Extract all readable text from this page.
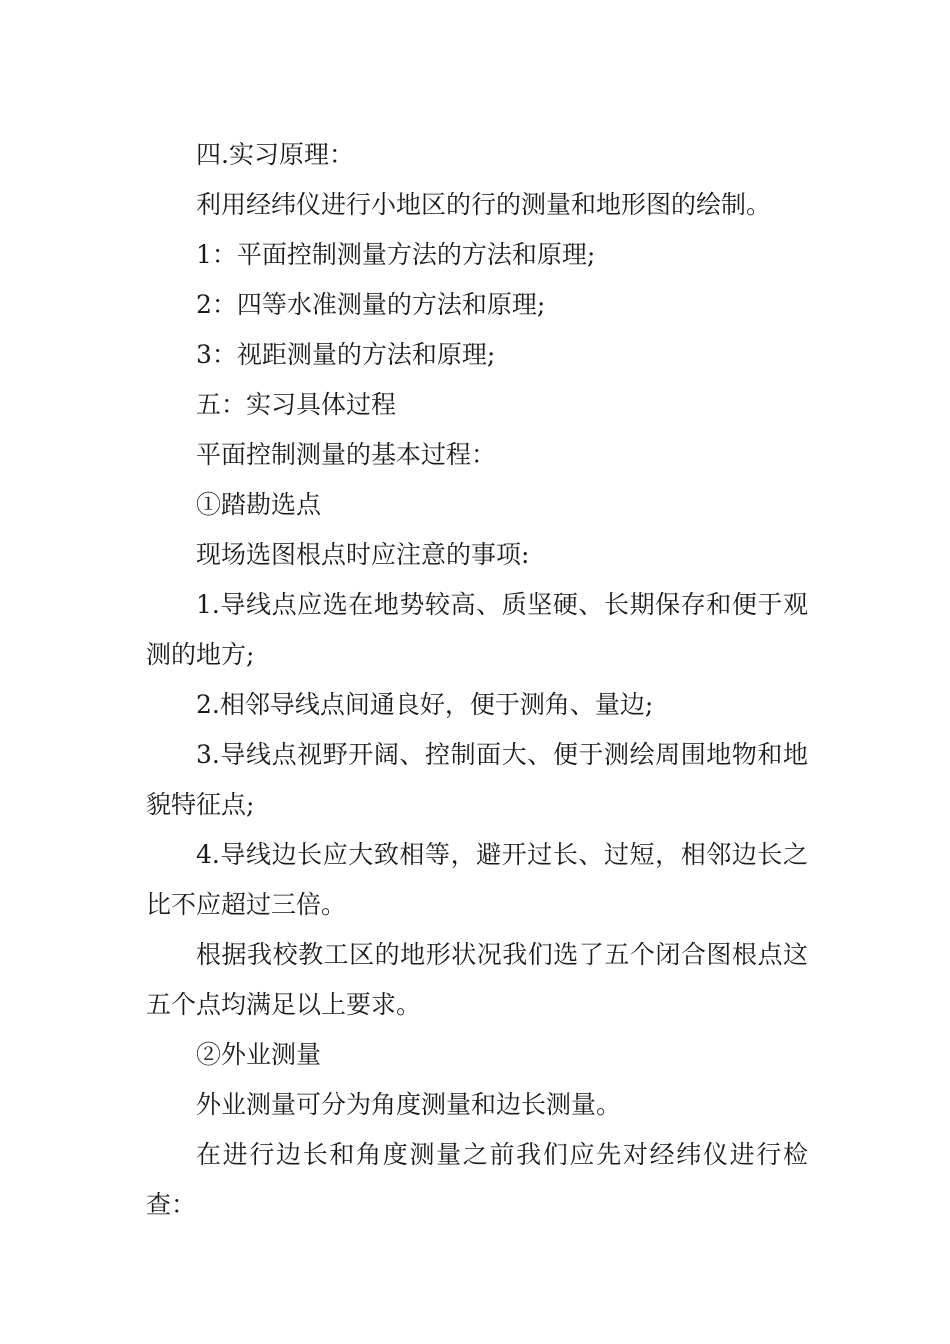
四.实习原理：

利用经纬仪进行小地区的行的测量和地形图的绘制。

1：平面控制测量方法的方法和原理;

2：四等水准测量的方法和原理;

3：视距测量的方法和原理;

五：实习具体过程

平面控制测量的基本过程：

①踏勘选点

现场选图根点时应注意的事项:

1.导线点应选在地势较高、质坚硬、长期保存和便于观测的地方;

2.相邻导线点间通良好，便于测角、量边;

3.导线点视野开阔、控制面大、便于测绘周围地物和地貌特征点;

4.导线边长应大致相等，避开过长、过短，相邻边长之比不应超过三倍。

根据我校教工区的地形状况我们选了五个闭合图根点这五个点均满足以上要求。

②外业测量

外业测量可分为角度测量和边长测量。

在进行边长和角度测量之前我们应先对经纬仪进行检查：
